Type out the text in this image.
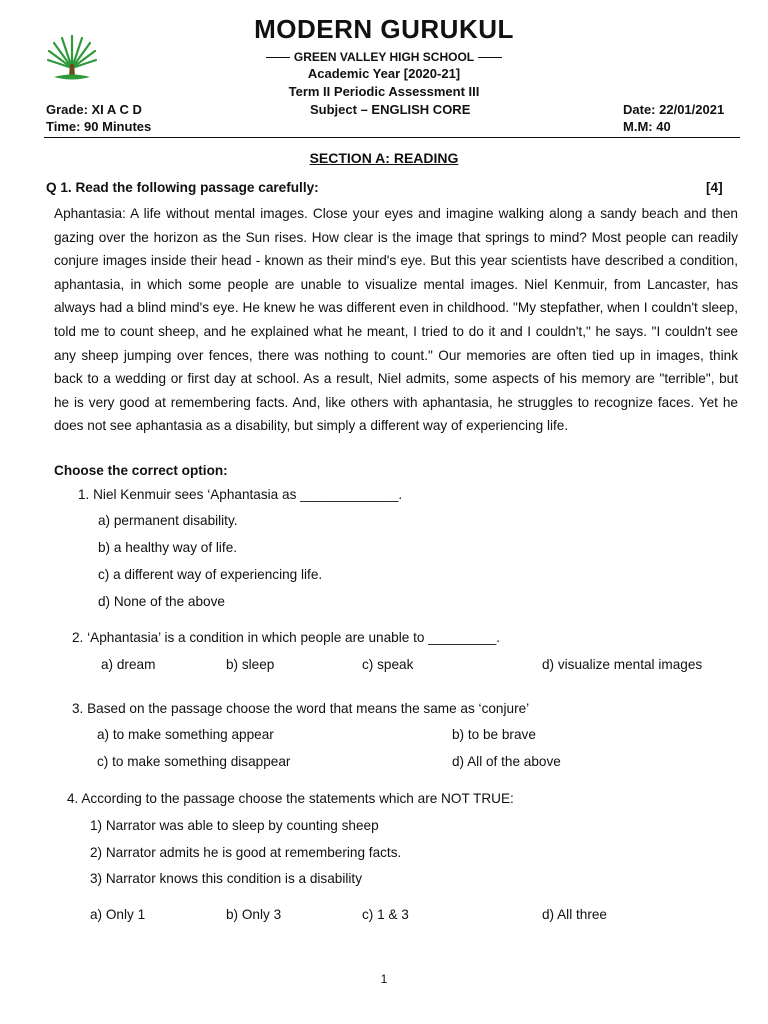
MODERN GURUKUL
GREEN VALLEY HIGH SCHOOL
Academic Year [2020-21]
Term II Periodic Assessment III
Grade: XI A C D
Time: 90 Minutes
Subject – ENGLISH CORE	Date: 22/01/2021
M.M: 40
SECTION A: READING
Q 1. Read the following passage carefully:	[4]
Aphantasia: A life without mental images. Close your eyes and imagine walking along a sandy beach and then gazing over the horizon as the Sun rises. How clear is the image that springs to mind? Most people can readily conjure images inside their head - known as their mind's eye. But this year scientists have described a condition, aphantasia, in which some people are unable to visualize mental images. Niel Kenmuir, from Lancaster, has always had a blind mind's eye. He knew he was different even in childhood. "My stepfather, when I couldn't sleep, told me to count sheep, and he explained what he meant, I tried to do it and I couldn't," he says. "I couldn't see any sheep jumping over fences, there was nothing to count." Our memories are often tied up in images, think back to a wedding or first day at school. As a result, Niel admits, some aspects of his memory are "terrible", but he is very good at remembering facts. And, like others with aphantasia, he struggles to recognize faces. Yet he does not see aphantasia as a disability, but simply a different way of experiencing life.
Choose the correct option:
1. Niel Kenmuir sees ‘Aphantasia as _____________.
a) permanent disability.
b) a healthy way of life.
c) a different way of experiencing life.
d) None of the above
2. ‘Aphantasia’ is a condition in which people are unable to _________.
a) dream	b) sleep	c) speak	d) visualize mental images
3. Based on the passage choose the word that means the same as ‘conjure’
a) to make something appear	b) to be brave
c) to make something disappear	d) All of the above
4. According to the passage choose the statements which are NOT TRUE:
1) Narrator was able to sleep by counting sheep
2) Narrator admits he is good at remembering facts.
3) Narrator knows this condition is a disability
a) Only 1	b) Only 3	c) 1 & 3	d) All three
1
